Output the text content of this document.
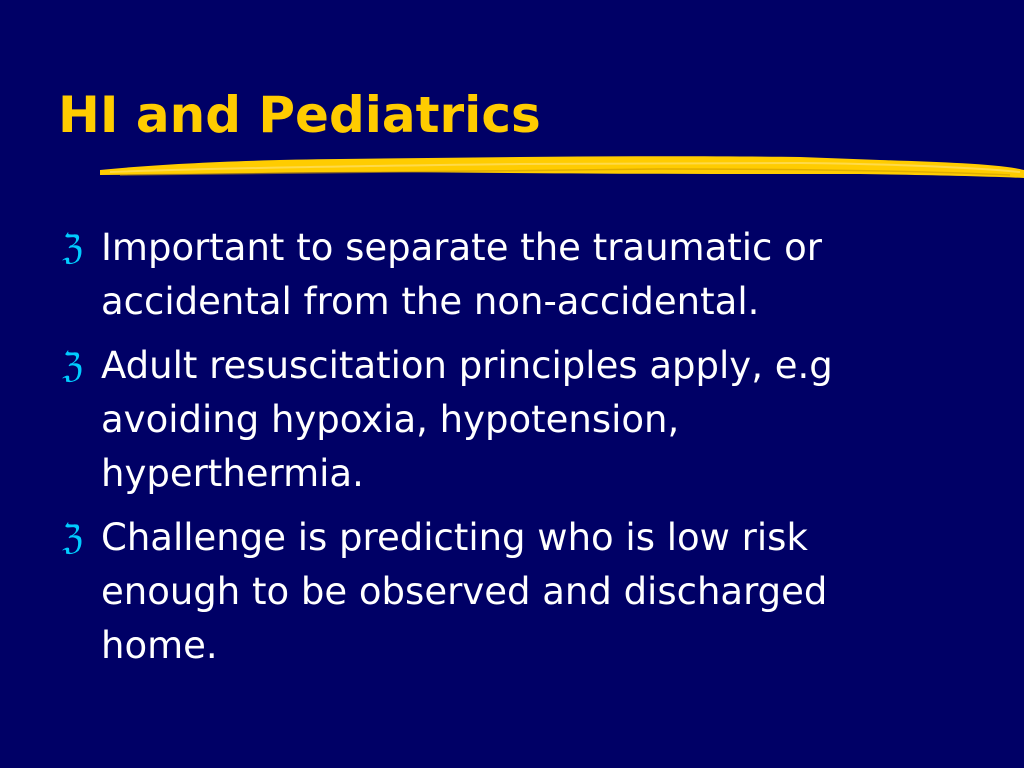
HI and Pediatrics
ℨ Important to separate the traumatic or accidental from the non-accidental.
ℨ Adult resuscitation principles apply, e.g avoiding hypoxia, hypotension, hyperthermia.
ℨ Challenge is predicting who is low risk enough to be observed and discharged home.
